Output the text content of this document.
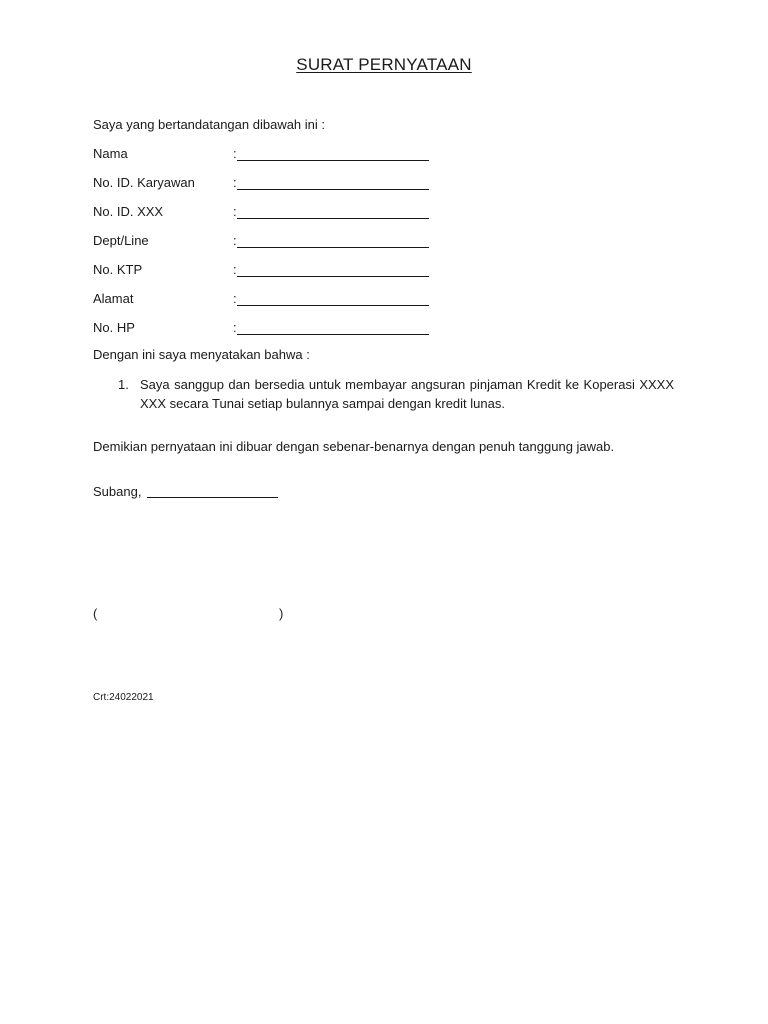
SURAT PERNYATAAN
Saya yang bertandatangan dibawah ini :
Nama	:
No. ID. Karyawan	:
No. ID. XXX	:
Dept/Line	:
No. KTP	:
Alamat	:
No. HP	:
Dengan ini saya menyatakan bahwa :
1. Saya sanggup dan bersedia untuk membayar angsuran pinjaman Kredit ke Koperasi XXXX XXX secara Tunai setiap bulannya sampai dengan kredit lunas.
Demikian pernyataan ini dibuar dengan sebenar-benarnya dengan penuh tanggung jawab.
Subang,
(	)
Crt:24022021
